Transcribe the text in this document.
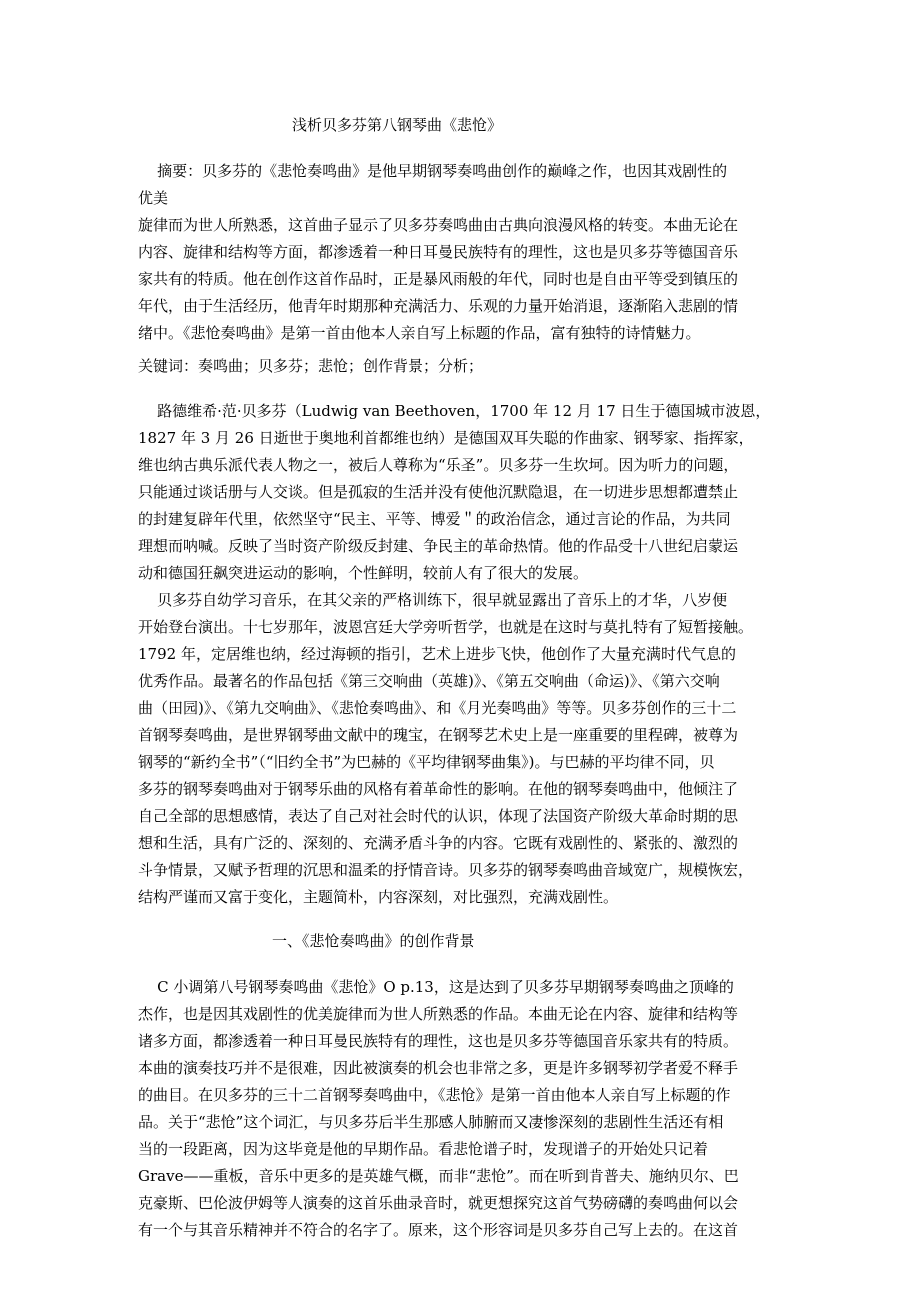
浅析贝多芬第八钢琴曲《悲怆》
摘要：贝多芬的《悲怆奏鸣曲》是他早期钢琴奏鸣曲创作的巅峰之作，也因其戏剧性的
优美
旋律而为世人所熟悉，这首曲子显示了贝多芬奏鸣曲由古典向浪漫风格的转变。本曲无论在
内容、旋律和结构等方面，都渗透着一种日耳曼民族特有的理性，这也是贝多芬等德国音乐
家共有的特质。他在创作这首作品时，正是暴风雨般的年代，同时也是自由平等受到镇压的
年代，由于生活经历，他青年时期那种充满活力、乐观的力量开始消退，逐渐陷入悲剧的情
绪中。《悲怆奏鸣曲》是第一首由他本人亲自写上标题的作品，富有独特的诗情魅力。
关键词：奏鸣曲；贝多芬；悲怆；创作背景；分析；
路德维希·范·贝多芬（Ludwig van Beethoven，1700 年 12 月 17 日生于德国城市波恩，
1827 年 3 月 26 日逝世于奥地利首都维也纳）是德国双耳失聪的作曲家、钢琴家、指挥家，
维也纳古典乐派代表人物之一，被后人尊称为“乐圣”。贝多芬一生坎坷。因为听力的问题，
只能通过谈话册与人交谈。但是孤寂的生活并没有使他沉默隐退，在一切进步思想都遭禁止
的封建复辟年代里，依然坚守“民主、平等、博爱＂的政治信念，通过言论的作品，为共同
理想而呐喊。反映了当时资产阶级反封建、争民主的革命热情。他的作品受十八世纪启蒙运
动和德国狂飙突进运动的影响，个性鲜明，较前人有了很大的发展。
贝多芬自幼学习音乐，在其父亲的严格训练下，很早就显露出了音乐上的才华，八岁便
开始登台演出。十七岁那年，波恩宫廷大学旁听哲学，也就是在这时与莫扎特有了短暂接触。
1792 年，定居维也纳，经过海顿的指引，艺术上进步飞快，他创作了大量充满时代气息的
优秀作品。最著名的作品包括《第三交响曲（英雄)》、《第五交响曲（命运)》、《第六交响
曲（田园)》、《第九交响曲》、《悲怆奏鸣曲》、和《月光奏鸣曲》等等。贝多芬创作的三十二
首钢琴奏鸣曲，是世界钢琴曲文献中的瑰宝，在钢琴艺术史上是一座重要的里程碑，被尊为
钢琴的“新约全书”（“旧约全书”为巴赫的《平均律钢琴曲集》)。与巴赫的平均律不同，贝
多芬的钢琴奏鸣曲对于钢琴乐曲的风格有着革命性的影响。在他的钢琴奏鸣曲中，他倾注了
自己全部的思想感情，表达了自己对社会时代的认识，体现了法国资产阶级大革命时期的思
想和生活，具有广泛的、深刻的、充满矛盾斗争的内容。它既有戏剧性的、紧张的、激烈的
斗争情景，又赋予哲理的沉思和温柔的抒情音诗。贝多芬的钢琴奏鸣曲音域宽广，规模恢宏，
结构严谨而又富于变化，主题简朴，内容深刻，对比强烈，充满戏剧性。
一、《悲怆奏鸣曲》的创作背景
C 小调第八号钢琴奏鸣曲《悲怆》O p.13，这是达到了贝多芬早期钢琴奏鸣曲之顶峰的
杰作，也是因其戏剧性的优美旋律而为世人所熟悉的作品。本曲无论在内容、旋律和结构等
诸多方面，都渗透着一种日耳曼民族特有的理性，这也是贝多芬等德国音乐家共有的特质。
本曲的演奏技巧并不是很难，因此被演奏的机会也非常之多，更是许多钢琴初学者爱不释手
的曲目。在贝多芬的三十二首钢琴奏鸣曲中，《悲怆》是第一首由他本人亲自写上标题的作
品。关于“悲怆”这个词汇，与贝多芬后半生那感人肺腑而又凄惨深刻的悲剧性生活还有相
当的一段距离，因为这毕竟是他的早期作品。看悲怆谱子时，发现谱子的开始处只记着
Grave——重板，音乐中更多的是英雄气概，而非“悲怆”。而在听到肯普夫、施纳贝尔、巴
克豪斯、巴伦波伊姆等人演奏的这首乐曲录音时，就更想探究这首气势磅礴的奏鸣曲何以会
有一个与其音乐精神并不符合的名字了。原来，这个形容词是贝多芬自己写上去的。在这首
